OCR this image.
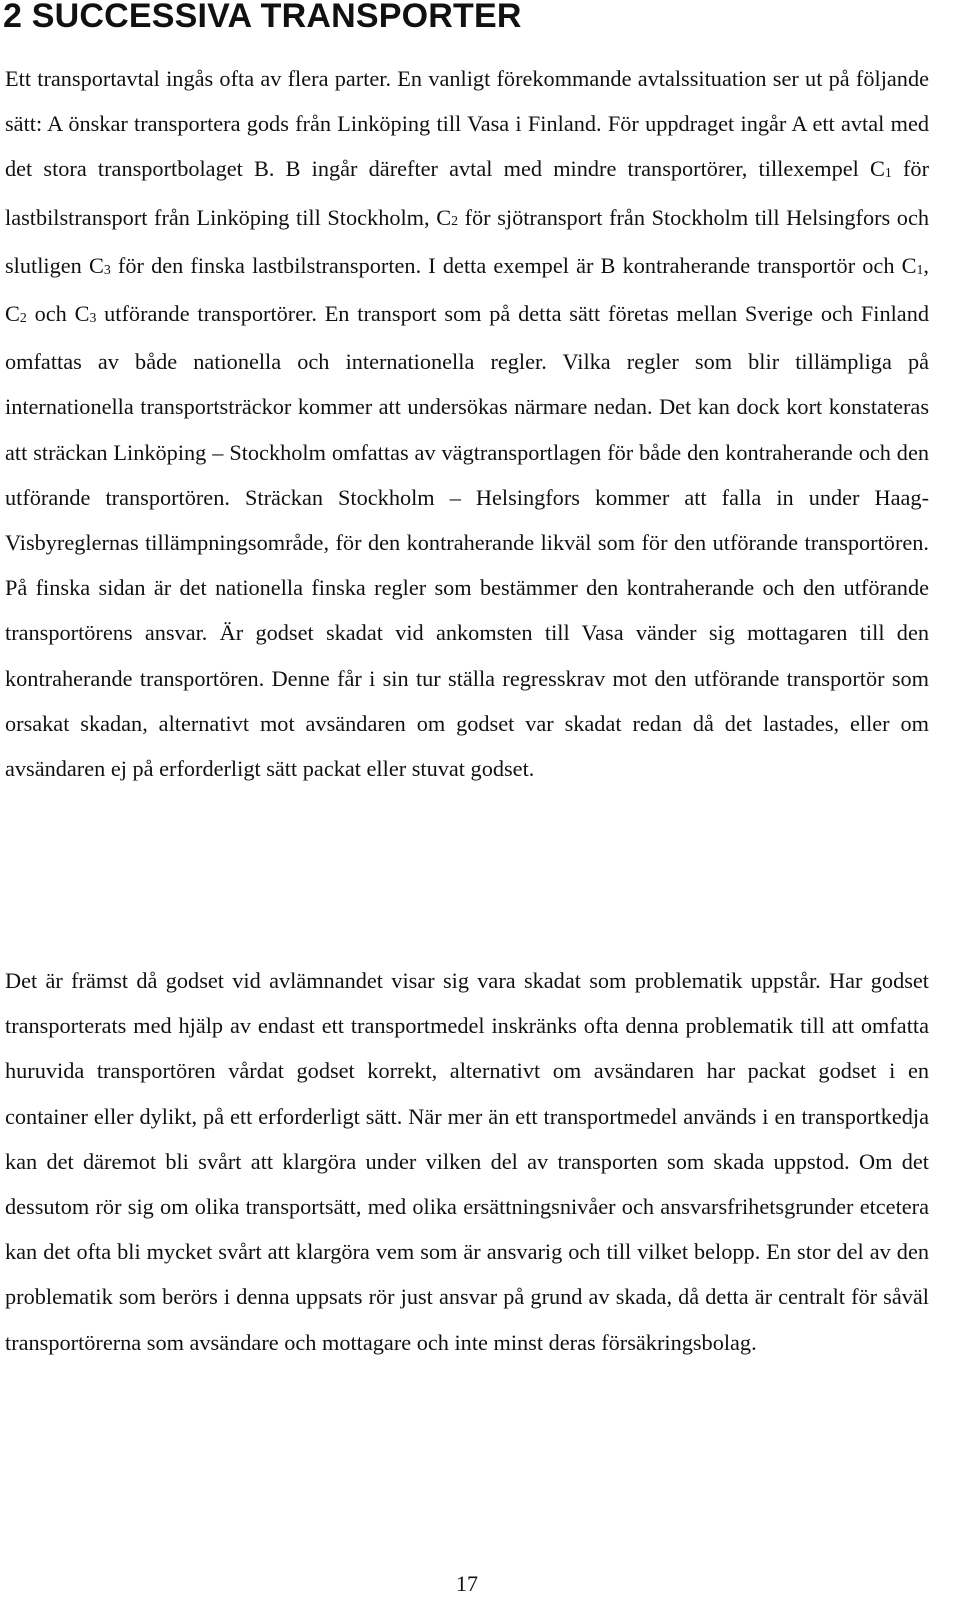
2 SUCCESSIVA TRANSPORTER

Ett transportavtal ingås ofta av flera parter. En vanligt förekommande avtalssituation ser ut på följande sätt: A önskar transportera gods från Linköping till Vasa i Finland. För uppdraget ingår A ett avtal med det stora transportbolaget B. B ingår därefter avtal med mindre transportörer, tillexempel C1 för lastbilstransport från Linköping till Stockholm, C2 för sjötransport från Stockholm till Helsingfors och slutligen C3 för den finska lastbilstransporten. I detta exempel är B kontraherande transportör och C1, C2 och C3 utförande transportörer. En transport som på detta sätt företas mellan Sverige och Finland omfattas av både nationella och internationella regler. Vilka regler som blir tillämpliga på internationella transportsträckor kommer att undersökas närmare nedan. Det kan dock kort konstateras att sträckan Linköping – Stockholm omfattas av vägtransportlagen för både den kontraherande och den utförande transportören. Sträckan Stockholm – Helsingfors kommer att falla in under Haag-Visbyreglernas tillämpningsområde, för den kontraherande likväl som för den utförande transportören. På finska sidan är det nationella finska regler som bestämmer den kontraherande och den utförande transportörens ansvar. Är godset skadat vid ankomsten till Vasa vänder sig mottagaren till den kontraherande transportören. Denne får i sin tur ställa regresskrav mot den utförande transportör som orsakat skadan, alternativt mot avsändaren om godset var skadat redan då det lastades, eller om avsändaren ej på erforderligt sätt packat eller stuvat godset.

Det är främst då godset vid avlämnandet visar sig vara skadat som problematik uppstår. Har godset transporterats med hjälp av endast ett transportmedel inskränks ofta denna problematik till att omfatta huruvida transportören vårdat godset korrekt, alternativt om avsändaren har packat godset i en container eller dylikt, på ett erforderligt sätt. När mer än ett transportmedel används i en transportkedja kan det däremot bli svårt att klargöra under vilken del av transporten som skada uppstod. Om det dessutom rör sig om olika transportsätt, med olika ersättningsnivåer och ansvarsfrihetsgrunder etcetera kan det ofta bli mycket svårt att klargöra vem som är ansvarig och till vilket belopp. En stor del av den problematik som berörs i denna uppsats rör just ansvar på grund av skada, då detta är centralt för såväl transportörerna som avsändare och mottagare och inte minst deras försäkringsbolag.

17
